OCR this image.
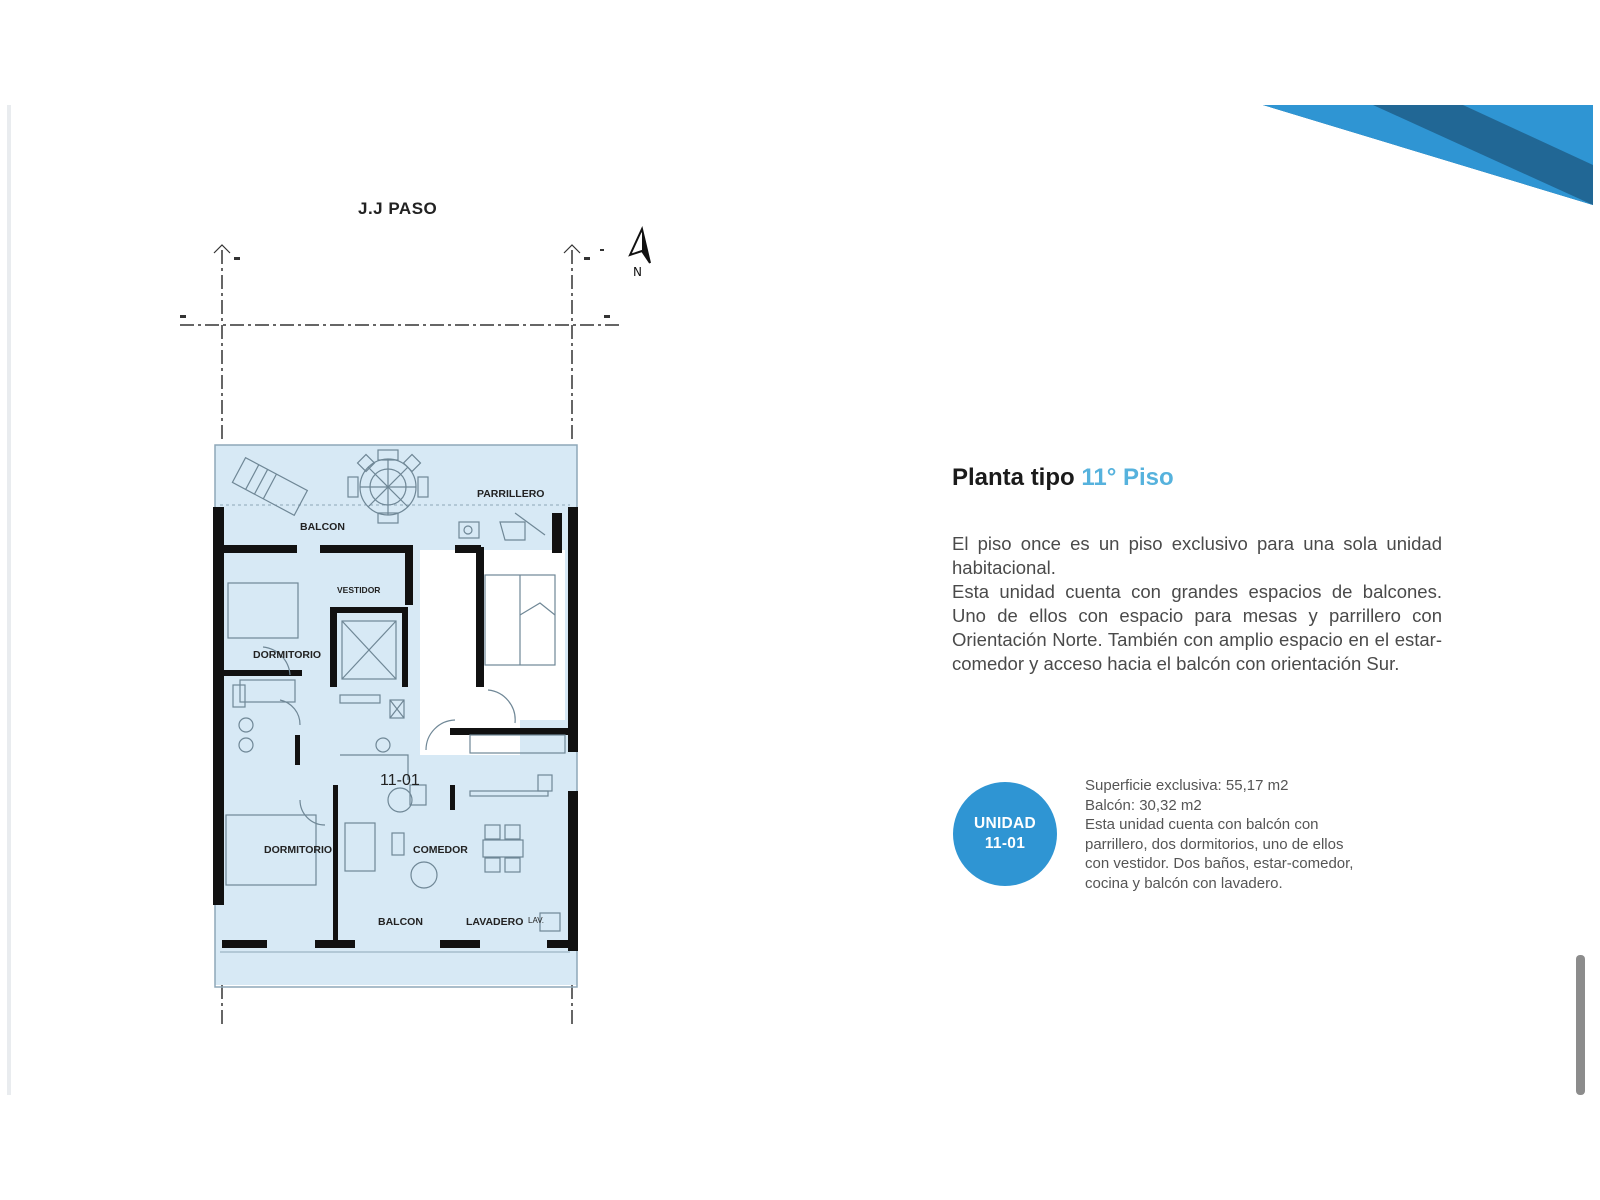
J.J PASO
N
BALCON
PARRILLERO
VESTIDOR
DORMITORIO
11-01
DORMITORIO	COMEDOR
BALCON	LAVADERO LAV.
Planta tipo 11° Piso

El piso once es un piso exclusivo para una sola unidad habitacional.

Esta unidad cuenta con grandes espacios de balcones. Uno de ellos con espacio para mesas y parrillero con Orientación Norte. También con amplio espacio en el estar-comedor y acceso hacia el balcón con orientación Sur.

UNIDAD
11-01
Superficie exclusiva: 55,17 m2
Balcón: 30,32 m2
Esta unidad cuenta con balcón con
parrillero, dos dormitorios, uno de ellos
con vestidor. Dos baños, estar-comedor,
cocina y balcón con lavadero.
